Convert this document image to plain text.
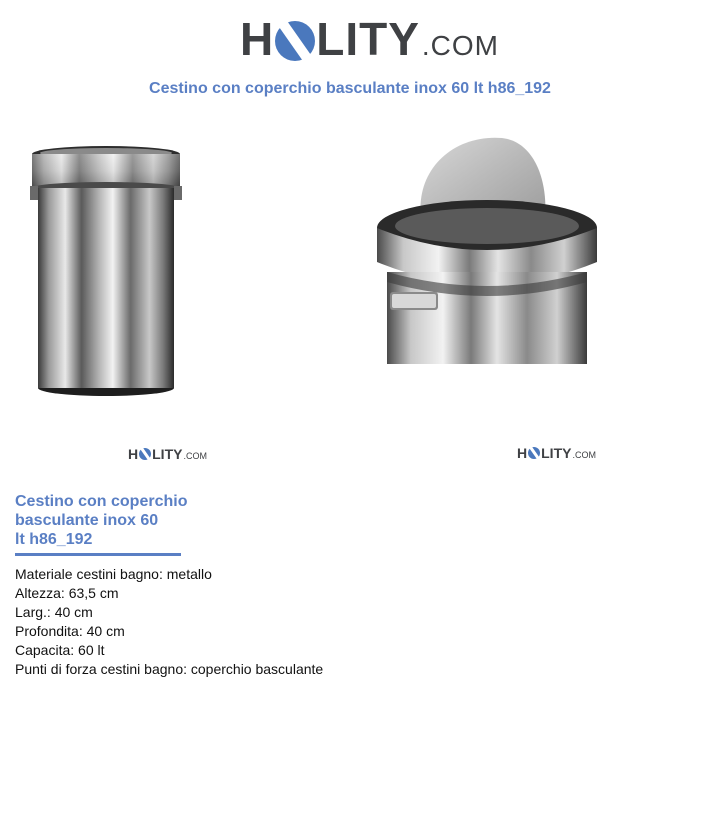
H LITY .COM
Cestino con coperchio basculante inox 60 lt h86_192
H LITY .COM	H LITY .COM
Cestino con coperchio
basculante inox 60
lt h86_192
Materiale cestini bagno: metallo
Altezza: 63,5 cm
Larg.: 40 cm
Profondita: 40 cm
Capacita: 60 lt
Punti di forza cestini bagno: coperchio basculante
